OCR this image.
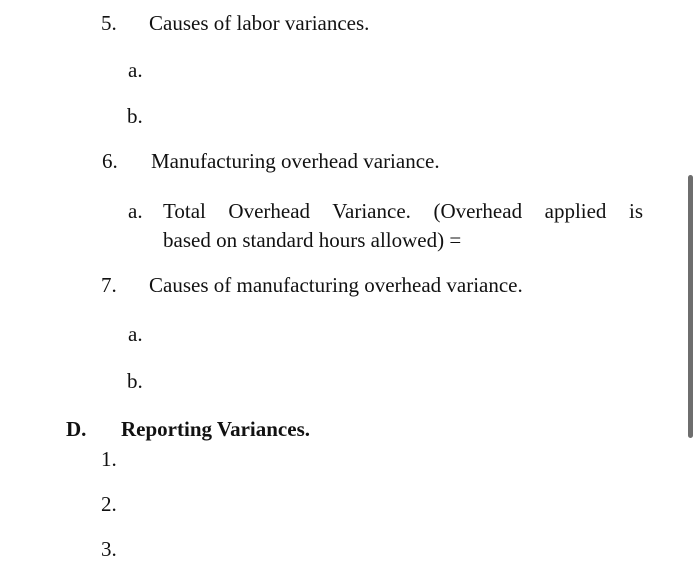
5. Causes of labor variances.
a.
b.
6. Manufacturing overhead variance.
a. Total Overhead Variance. (Overhead applied is
based on standard hours allowed) =
7. Causes of manufacturing overhead variance.
a.
b.
D. Reporting Variances.
1.
2.
3.
